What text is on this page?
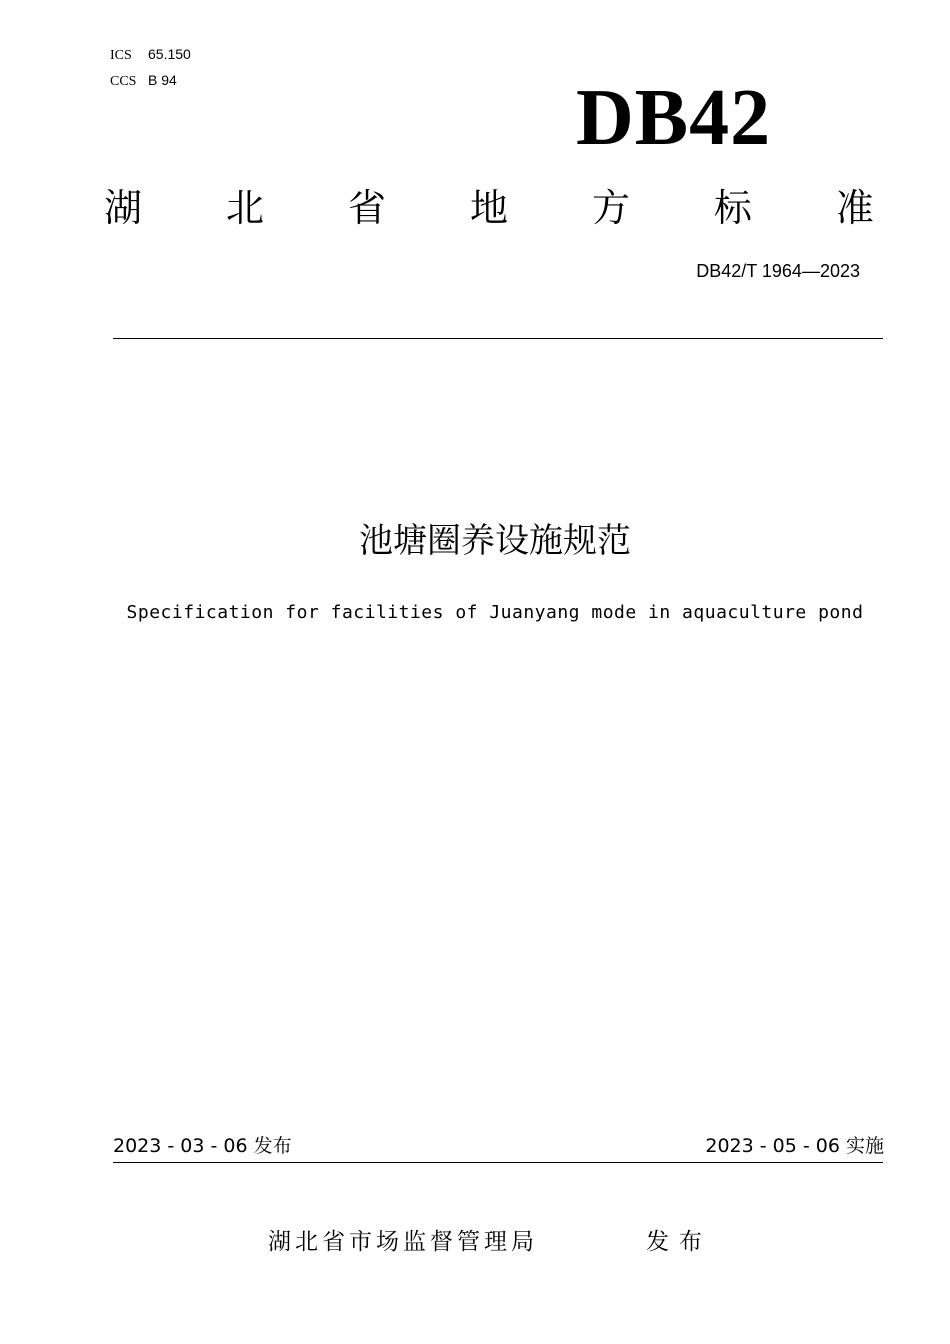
ICS 65.150
CCS B 94	DB42
湖 北 省 地 方 标 准
DB42/T 1964—2023
池塘圈养设施规范
Specification for facilities of Juanyang mode in aquaculture pond
2023 - 03 - 06 发布	2023 - 05 - 06 实施
湖北省市场监督管理局	发布
